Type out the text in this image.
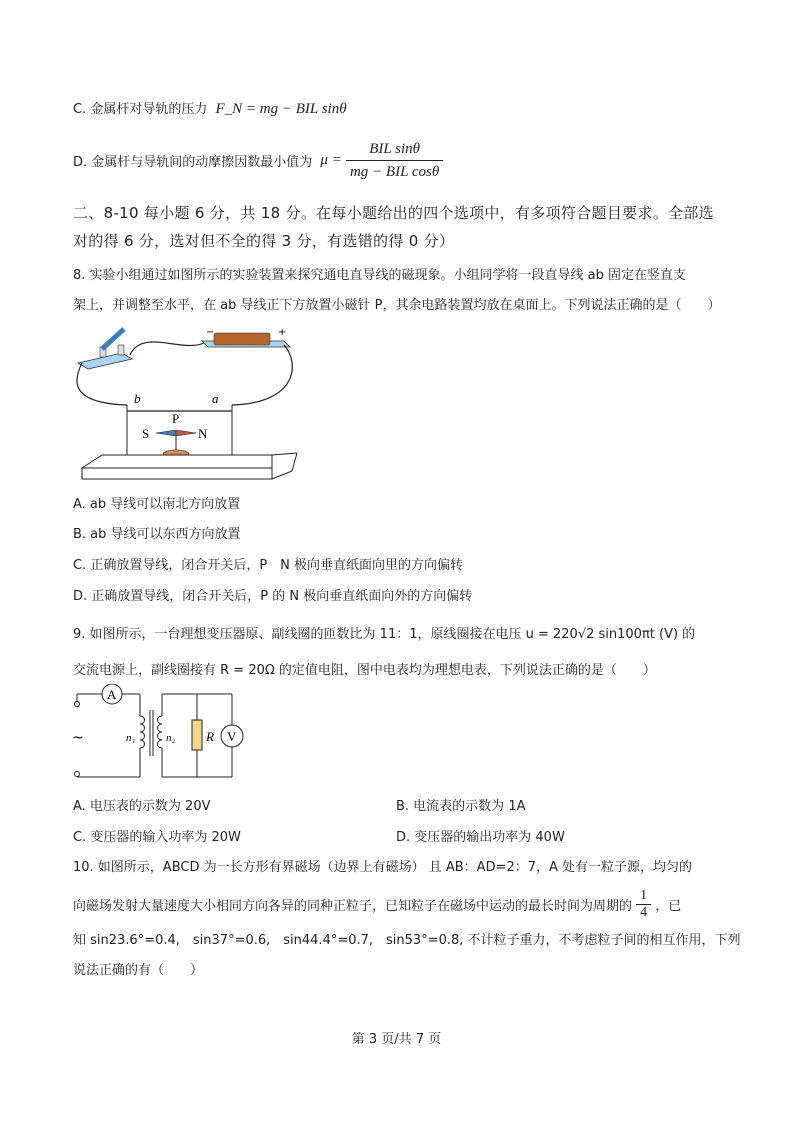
C. 金属杆对导轨的压力 F_N = mg − BIL sinθ
D. 金属杆与导轨间的动摩擦因数最小值为 $\mu = \frac{\text{BIL sinθ}}{\text{mg − BIL cosθ}}$
二、8-10 每小题 6 分，共 18 分。在每小题给出的四个选项中，有多项符合题目要求。全部选
对的得 6 分，选对但不全的得 3 分，有选错的得 0 分）
8. 实验小组通过如图所示的实验装置来探究通电直导线的磁现象。小组同学将一段直导线 ab 固定在竖直支
架上，并调整至水平，在 ab 导线正下方放置小磁针 P，其余电路装置均放在桌面上。下列说法正确的是（　　）
−	+
b	a
P
S	N
A. ab 导线可以南北方向放置
B. ab 导线可以东西方向放置
C. 正确放置导线，闭合开关后，P　N 极向垂直纸面向里的方向偏转
D. 正确放置导线，闭合开关后，P 的 N 极向垂直纸面向外的方向偏转
9. 如图所示，一台理想变压器原、副线圈的匝数比为 11：1，原线圈接在电压 u = 220√2 sin100πt (V) 的
交流电源上，副线圈接有 R = 20Ω 的定值电阻，图中电表均为理想电表，下列说法正确的是（　　）
~
A
n₁	n₂ R V
A. 电压表的示数为 20V	B. 电流表的示数为 1A
C. 变压器的输入功率为 20W	D. 变压器的输出功率为 40W
10. 如图所示，ABCD 为一长方形有界磁场（边界上有磁场） 且 AB：AD=2：7，A 处有一粒子源，均匀的
向磁场发射大量速度大小相同方向各异的同种正粒子，已知粒子在磁场中运动的最长时间为周期的 $\frac{1}{4}$ ，已
知 sin23.6°=0.4,　sin37°=0.6,　sin44.4°=0.7,　sin53°=0.8, 不计粒子重力，不考虑粒子间的相互作用，下列
说法正确的有（　　）
第 3 页/共 7 页
